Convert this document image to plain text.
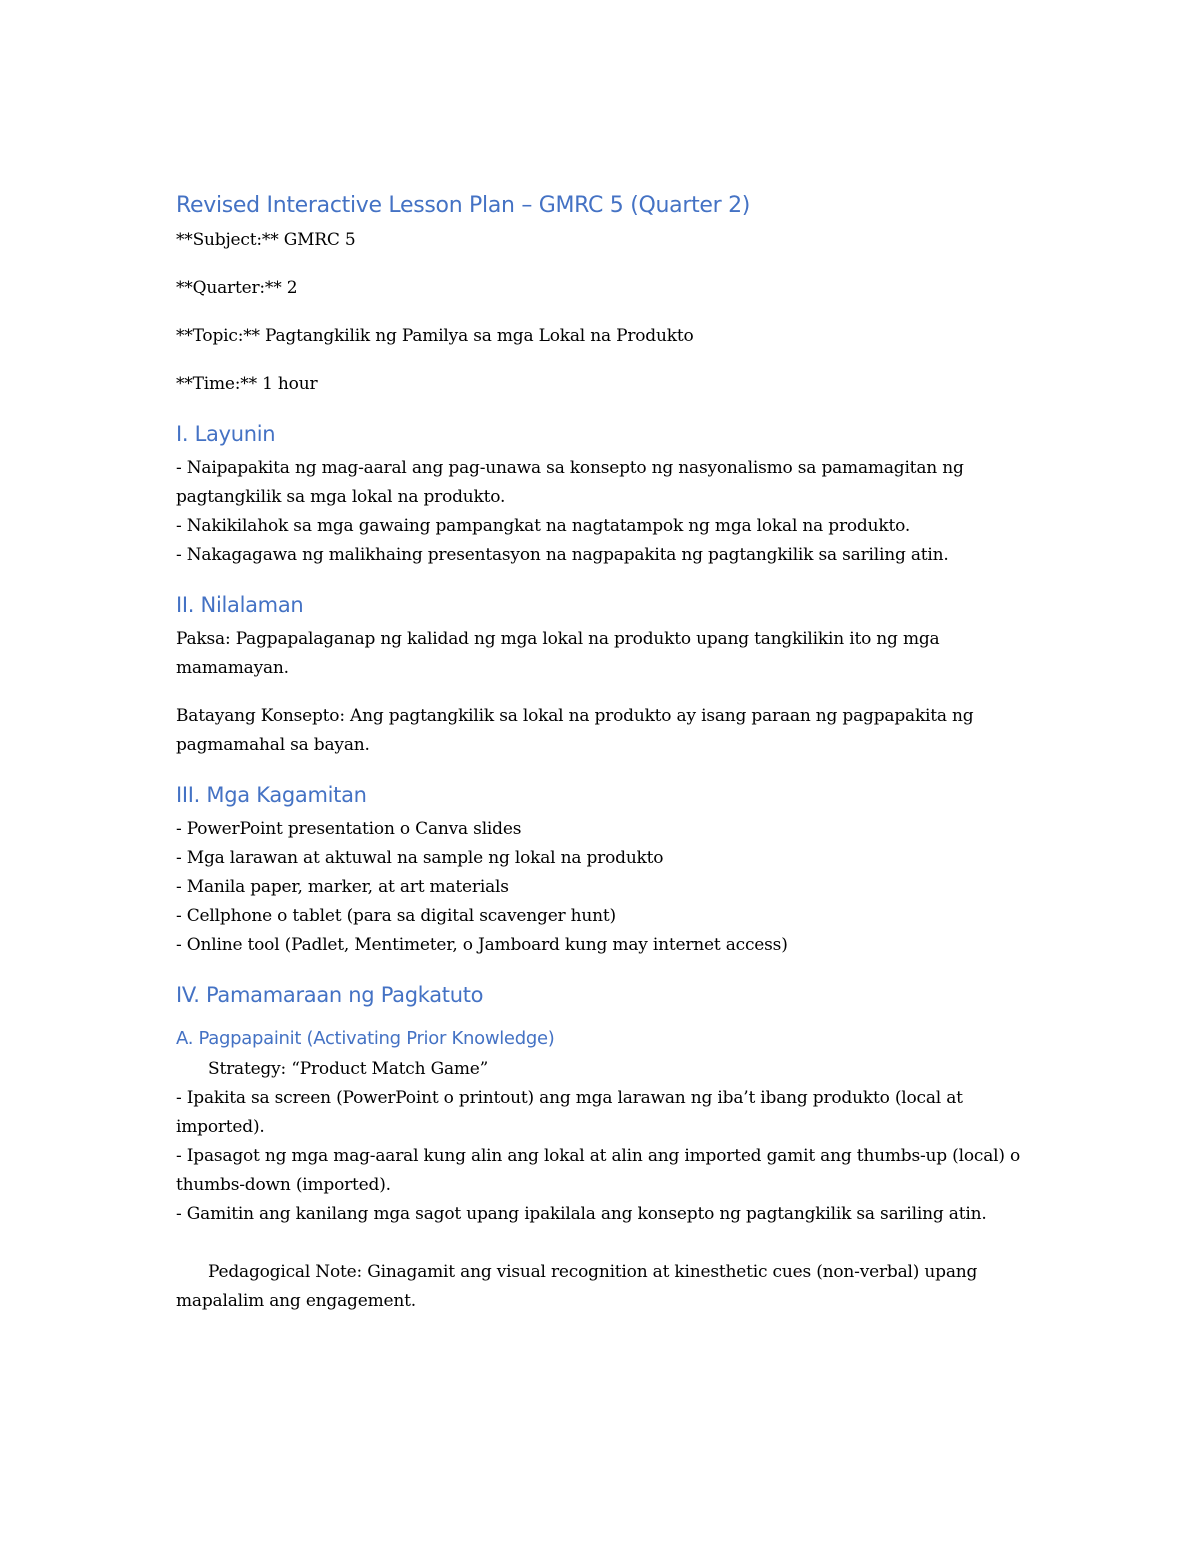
Revised Interactive Lesson Plan – GMRC 5 (Quarter 2)

**Subject:** GMRC 5

**Quarter:** 2

**Topic:** Pagtangkilik ng Pamilya sa mga Lokal na Produkto

**Time:** 1 hour

I. Layunin
- Naipapakita ng mag-aaral ang pag-unawa sa konsepto ng nasyonalismo sa pamamagitan ng pagtangkilik sa mga lokal na produkto.
- Nakikilahok sa mga gawaing pampangkat na nagtatampok ng mga lokal na produkto.
- Nakagagawa ng malikhaing presentasyon na nagpapakita ng pagtangkilik sa sariling atin.
II. Nilalaman

Paksa: Pagpapalaganap ng kalidad ng mga lokal na produkto upang tangkilikin ito ng mga mamamayan.

Batayang Konsepto: Ang pagtangkilik sa lokal na produkto ay isang paraan ng pagpapakita ng pagmamahal sa bayan.

III. Mga Kagamitan
- PowerPoint presentation o Canva slides
- Mga larawan at aktuwal na sample ng lokal na produkto
- Manila paper, marker, at art materials
- Cellphone o tablet (para sa digital scavenger hunt)
- Online tool (Padlet, Mentimeter, o Jamboard kung may internet access)
IV. Pamamaraan ng Pagkatuto
A. Pagpapainit (Activating Prior Knowledge)

Strategy: “Product Match Game”

- Ipakita sa screen (PowerPoint o printout) ang mga larawan ng iba’t ibang produkto (local at imported).
- Ipasagot ng mga mag-aaral kung alin ang lokal at alin ang imported gamit ang thumbs-up (local) o thumbs-down (imported).
- Gamitin ang kanilang mga sagot upang ipakilala ang konsepto ng pagtangkilik sa sariling atin.

Pedagogical Note: Ginagamit ang visual recognition at kinesthetic cues (non-verbal) upang mapalalim ang engagement.
